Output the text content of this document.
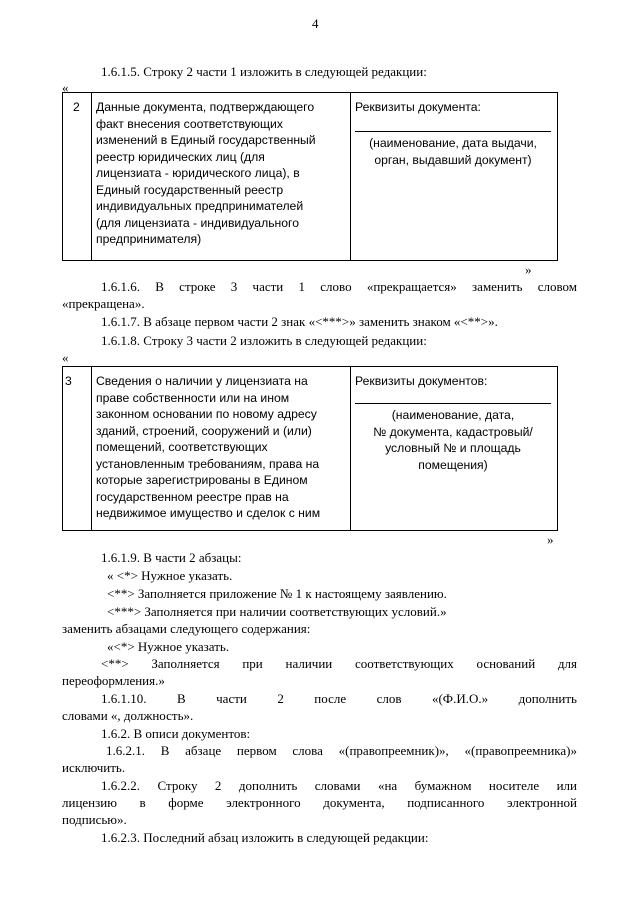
4
1.6.1.5. Строку 2 части 1 изложить в следующей редакции:
«
2 Данные документа, подтверждающего
факт внесения соответствующих
изменений в Единый государственный
реестр юридических лиц (для
лицензиата - юридического лица), в
Единый государственный реестр
индивидуальных предпринимателей
(для лицензиата - индивидуального
предпринимателя)
Реквизиты документа:
(наименование, дата выдачи,
орган, выдавший документ)
»
1.6.1.6. В строке 3 части 1 слово «прекращается» заменить словом
«прекращена».
1.6.1.7. В абзаце первом части 2 знак «<***>» заменить знаком «<**>».
1.6.1.8. Строку 3 части 2 изложить в следующей редакции:
«
3 Сведения о наличии у лицензиата на
праве собственности или на ином
законном основании по новому адресу
зданий, строений, сооружений и (или)
помещений, соответствующих
установленным требованиям, права на
которые зарегистрированы в Едином
государственном реестре прав на
недвижимое имущество и сделок с ним
Реквизиты документов:
(наименование, дата,
№ документа, кадастровый/
условный № и площадь
помещения)
»
1.6.1.9. В части 2 абзацы:
« <*> Нужное указать.
<**> Заполняется приложение № 1 к настоящему заявлению.
<***> Заполняется при наличии соответствующих условий.»
заменить абзацами следующего содержания:
«<*> Нужное указать.
<**> Заполняется при наличии соответствующих оснований для
переоформления.»
1.6.1.10. В части 2 после слов «(Ф.И.О.» дополнить
словами «, должность».
1.6.2. В описи документов:
1.6.2.1. В абзаце первом слова «(правопреемник)», «(правопреемника)»
исключить.
1.6.2.2. Строку 2 дополнить словами «на бумажном носителе или
лицензию в форме электронного документа, подписанного электронной
подписью».
1.6.2.3. Последний абзац изложить в следующей редакции:
